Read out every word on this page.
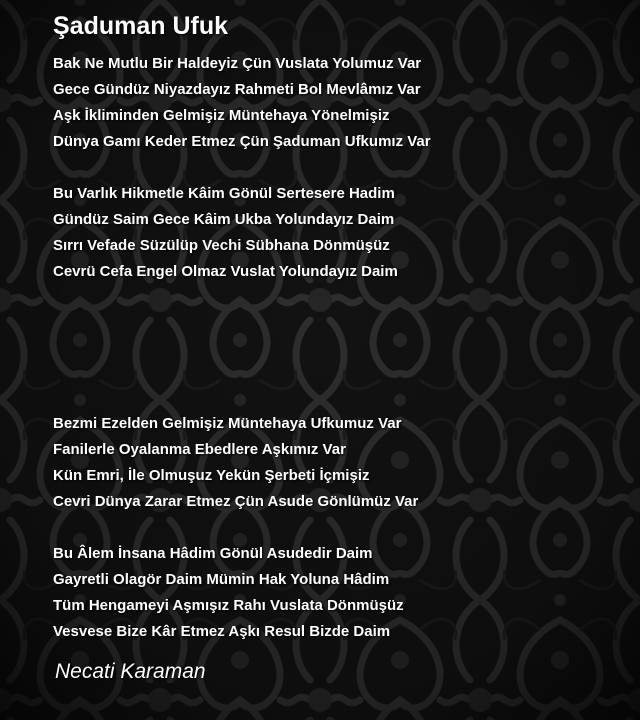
Şaduman Ufuk
Bak Ne Mutlu Bir Haldeyiz Çün Vuslata Yolumuz Var
Gece Gündüz Niyazdayız Rahmeti Bol Mevlâmız Var
Aşk İkliminden Gelmişiz Müntehaya Yönelmişiz
Dünya Gamı Keder Etmez Çün Şaduman Ufkumız Var
Bu Varlık Hikmetle Kâim Gönül Sertesere Hadim
Gündüz Saim Gece Kâim Ukba Yolundayız Daim
Sırrı Vefade Süzülüp Vechi Sübhana Dönmüşüz
Cevrü Cefa Engel Olmaz Vuslat Yolundayız Daim
Bezmi Ezelden Gelmişiz Müntehaya Ufkumuz Var
Fanilerle Oyalanma Ebedlere Aşkımız Var
Kün Emri, İle Olmuşuz Yekün Şerbeti İçmişiz
Cevri Dünya Zarar Etmez Çün Asude Gönlümüz Var
Bu Âlem İnsana Hâdim Gönül Asudedir Daim
Gayretli Olagör Daim Mümin Hak Yoluna Hâdim
Tüm Hengameyi Aşmışız Rahı Vuslata Dönmüşüz
Vesvese Bize Kâr Etmez Aşkı Resul Bizde Daim

Necati Karaman
